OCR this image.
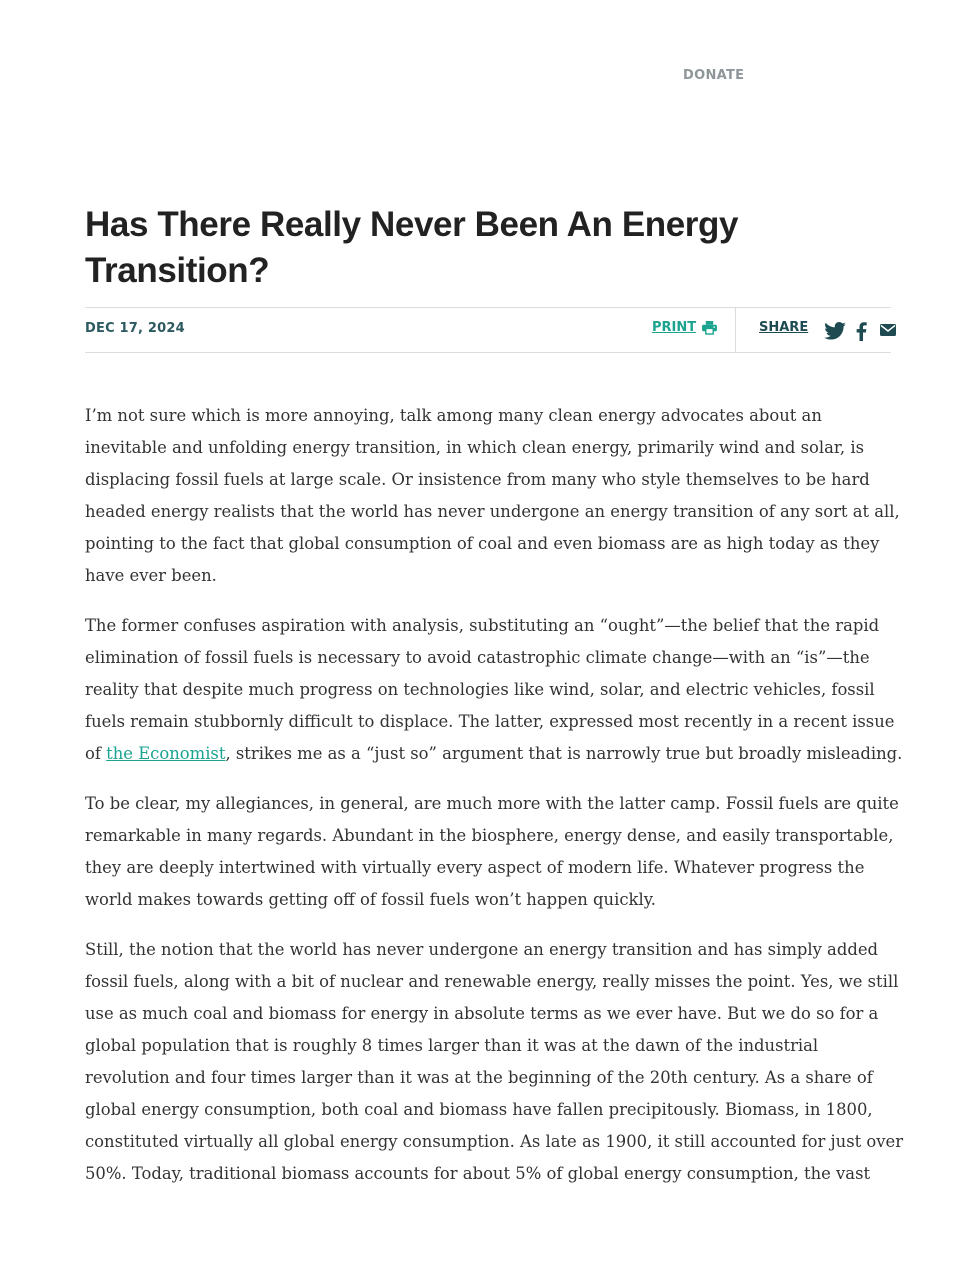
DONATE
Has There Really Never Been An Energy Transition?
DEC 17, 2024	PRINT	SHARE

I’m not sure which is more annoying, talk among many clean energy advocates about an
inevitable and unfolding energy transition, in which clean energy, primarily wind and solar, is
displacing fossil fuels at large scale. Or insistence from many who style themselves to be hard
headed energy realists that the world has never undergone an energy transition of any sort at all,
pointing to the fact that global consumption of coal and even biomass are as high today as they
have ever been.

The former confuses aspiration with analysis, substituting an “ought”—the belief that the rapid
elimination of fossil fuels is necessary to avoid catastrophic climate change—with an “is”—the
reality that despite much progress on technologies like wind, solar, and electric vehicles, fossil
fuels remain stubbornly difficult to displace. The latter, expressed most recently in a recent issue
of the Economist, strikes me as a “just so” argument that is narrowly true but broadly misleading.

To be clear, my allegiances, in general, are much more with the latter camp. Fossil fuels are quite
remarkable in many regards. Abundant in the biosphere, energy dense, and easily transportable,
they are deeply intertwined with virtually every aspect of modern life. Whatever progress the
world makes towards getting off of fossil fuels won’t happen quickly.

Still, the notion that the world has never undergone an energy transition and has simply added
fossil fuels, along with a bit of nuclear and renewable energy, really misses the point. Yes, we still
use as much coal and biomass for energy in absolute terms as we ever have. But we do so for a
global population that is roughly 8 times larger than it was at the dawn of the industrial
revolution and four times larger than it was at the beginning of the 20th century. As a share of
global energy consumption, both coal and biomass have fallen precipitously. Biomass, in 1800,
constituted virtually all global energy consumption. As late as 1900, it still accounted for just over
50%. Today, traditional biomass accounts for about 5% of global energy consumption, the vast
